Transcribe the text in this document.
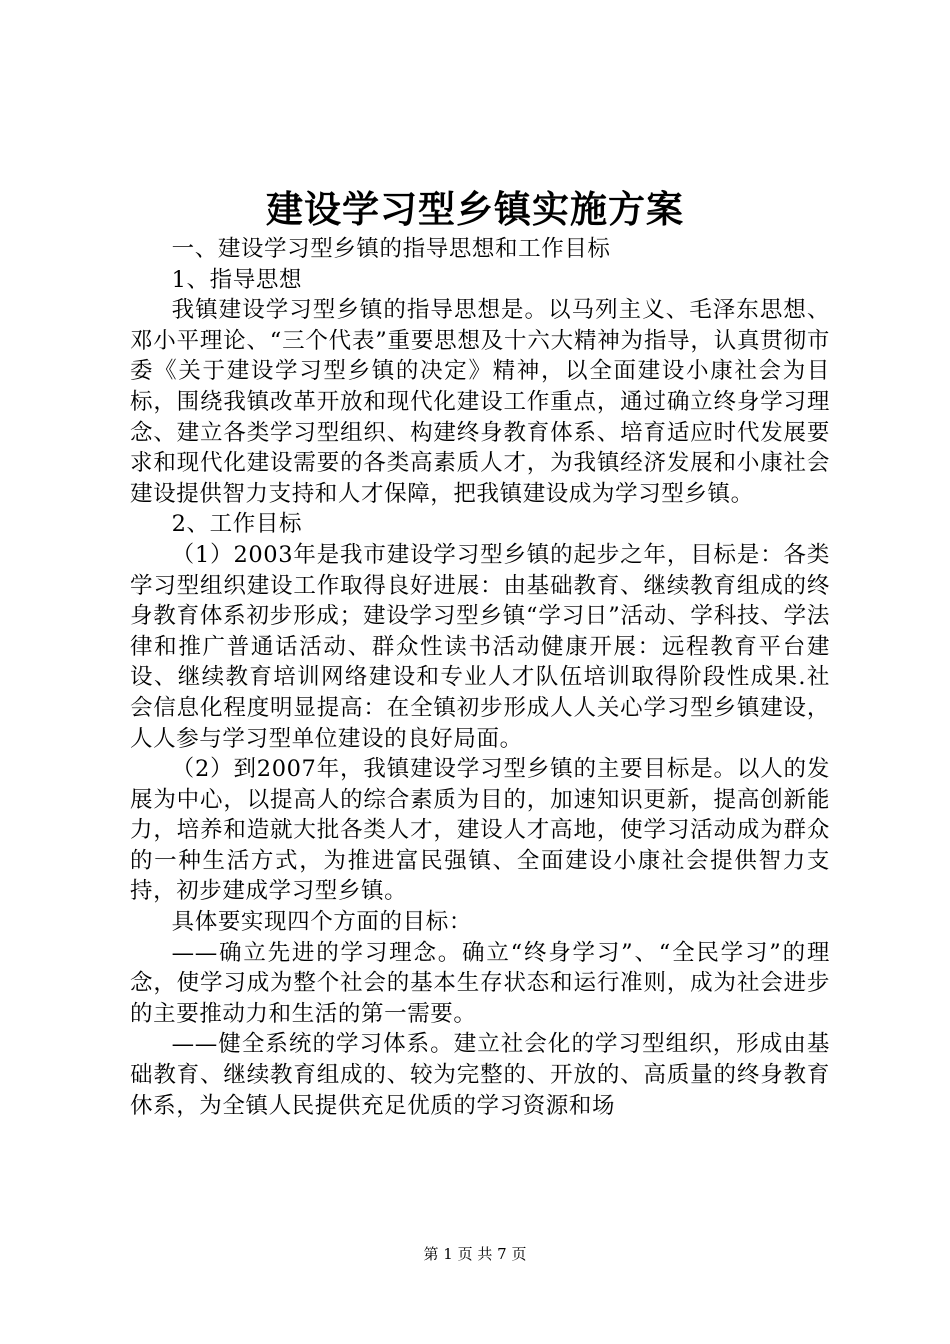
建设学习型乡镇实施方案

一、建设学习型乡镇的指导思想和工作目标

1、指导思想

我镇建设学习型乡镇的指导思想是。以马列主义、毛泽东思想、邓小平理论、“三个代表”重要思想及十六大精神为指导，认真贯彻市委《关于建设学习型乡镇的决定》精神，以全面建设小康社会为目标，围绕我镇改革开放和现代化建设工作重点，通过确立终身学习理念、建立各类学习型组织、构建终身教育体系、培育适应时代发展要求和现代化建设需要的各类高素质人才，为我镇经济发展和小康社会建设提供智力支持和人才保障，把我镇建设成为学习型乡镇。

2、工作目标

（1）2003年是我市建设学习型乡镇的起步之年，目标是：各类学习型组织建设工作取得良好进展：由基础教育、继续教育组成的终身教育体系初步形成；建设学习型乡镇“学习日”活动、学科技、学法律和推广普通话活动、群众性读书活动健康开展：远程教育平台建设、继续教育培训网络建设和专业人才队伍培训取得阶段性成果.社会信息化程度明显提高：在全镇初步形成人人关心学习型乡镇建设，人人参与学习型单位建设的良好局面。

（2）到2007年，我镇建设学习型乡镇的主要目标是。以人的发展为中心，以提高人的综合素质为目的，加速知识更新，提高创新能力，培养和造就大批各类人才，建设人才高地，使学习活动成为群众的一种生活方式，为推进富民强镇、全面建设小康社会提供智力支持，初步建成学习型乡镇。

具体要实现四个方面的目标：

——确立先进的学习理念。确立“终身学习”、“全民学习”的理念，使学习成为整个社会的基本生存状态和运行准则，成为社会进步的主要推动力和生活的第一需要。

——健全系统的学习体系。建立社会化的学习型组织，形成由基础教育、继续教育组成的、较为完整的、开放的、高质量的终身教育休系，为全镇人民提供充足优质的学习资源和场

第 1 页 共 7 页
